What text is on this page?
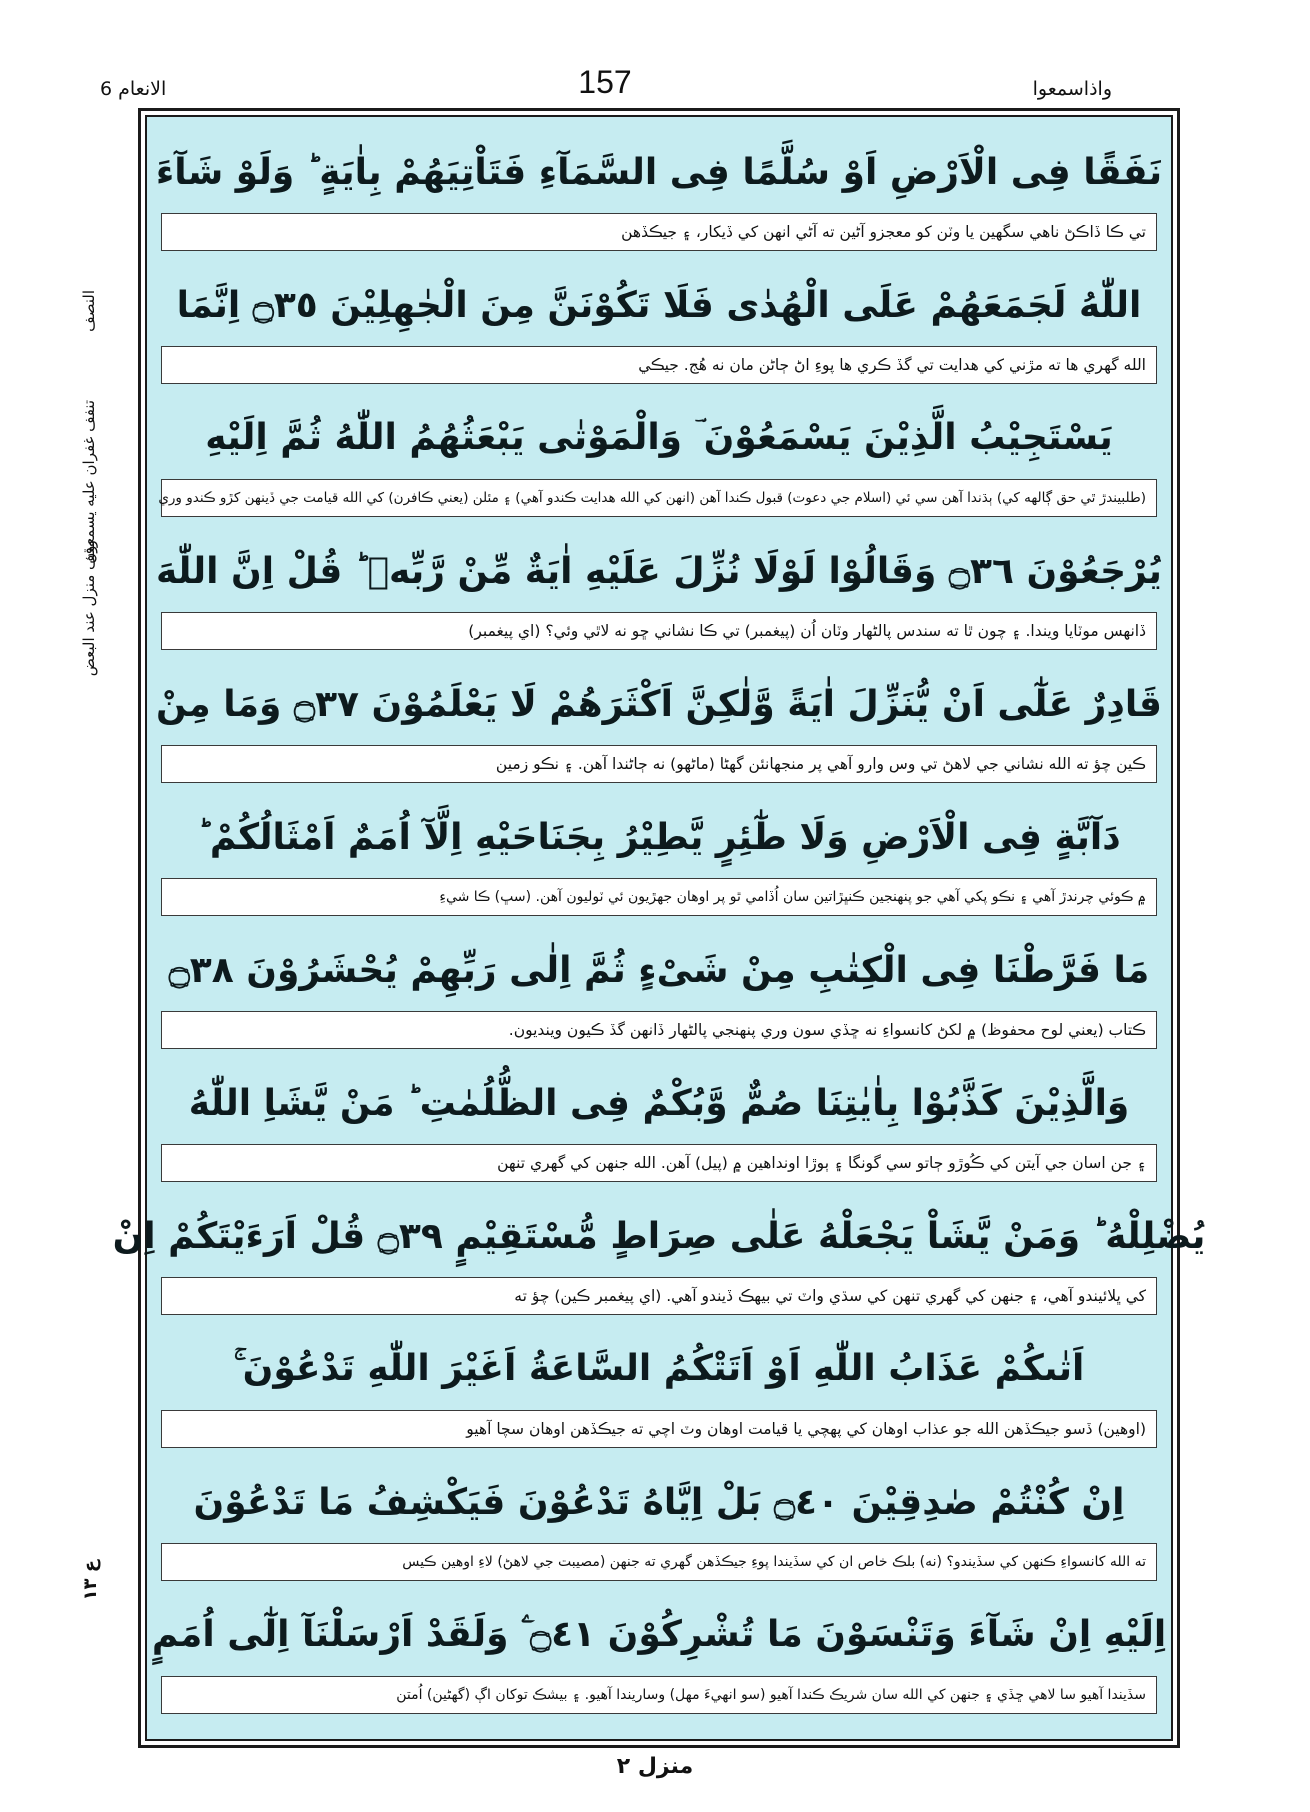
الانعام 6	157	واذاسمعوا
النصف
تنفف غفران عليه يسمعون
وقف منزل عند البعض
ع ١٣
نَفَقًا فِى الْاَرْضِ اَوْ سُلَّمًا فِى السَّمَآءِ فَتَاْتِيَهُمْ بِاٰيَةٍ ؕ وَلَوْ شَآءَ
تي ڪا ڏاڪڻ ناهي سگهين يا وٽن کو معجزو آڻين ته آڻي انهن کي ڏيکار، ۽ جيڪڏهن
اللّٰهُ لَجَمَعَهُمْ عَلَى الْهُدٰى فَلَا تَكُوْنَنَّ مِنَ الْجٰهِلِيْنَ ۝٣٥ اِنَّمَا
الله گهري ها ته مڙني کي هدايت تي گڏ ڪري ها پوءِ اڻ ڄاڻن مان نه هُج. جيڪي
يَسْتَجِيْبُ الَّذِيْنَ يَسْمَعُوْنَ ؔ وَالْمَوْتٰى يَبْعَثُهُمُ اللّٰهُ ثُمَّ اِلَيْهِ
(طلبيندڙ ٿي حق ڳالهه کي) ٻڌندا آهن سي ئي (اسلام جي دعوت) قبول ڪندا آهن (انهن کي الله هدايت ڪندو آهي) ۽ مئلن (يعني ڪافرن) کي الله قيامت جي ڏينهن کڙو ڪندو وري
يُرْجَعُوْنَ ۝٣٦ وَقَالُوْا لَوْلَا نُزِّلَ عَلَيْهِ اٰيَةٌ مِّنْ رَّبِّهٖ ؕ قُلْ اِنَّ اللّٰهَ
ڏانهس موٽايا ويندا. ۽ چون ٿا ته سندس پالڻهار وٽان اُن (پيغمبر) تي ڪا نشاني ڇو نه لاٿي وئي؟ (اي پيغمبر)
قَادِرٌ عَلٰٓى اَنْ يُّنَزِّلَ اٰيَةً وَّلٰكِنَّ اَكْثَرَهُمْ لَا يَعْلَمُوْنَ ۝٣٧ وَمَا مِنْ
ڪين چؤ ته الله نشاني جي لاهڻ تي وس وارو آهي پر منجهانئن گهڻا (ماڻهو) نه ڄاڻندا آهن. ۽ نڪو زمين
دَآبَّةٍ فِى الْاَرْضِ وَلَا طٰٓئِرٍ يَّطِيْرُ بِجَنَاحَيْهِ اِلَّآ اُمَمٌ اَمْثَالُكُمْ ؕ
۾ ڪوئي چرندڙ آهي ۽ نڪو پکي آهي جو پنهنجين ڪنڀڙاتين سان اُڏامي ٿو پر اوهان جهڙيون ئي ٽوليون آهن. (سڀ) ڪا شيءِ
مَا فَرَّطْنَا فِى الْكِتٰبِ مِنْ شَىْءٍ ثُمَّ اِلٰى رَبِّهِمْ يُحْشَرُوْنَ ۝٣٨
ڪتاب (يعني لوح محفوظ) ۾ لکڻ کانسواءِ نه ڇڏي سون وري پنهنجي پالڻهار ڏانهن گڏ ڪيون وينديون.
وَالَّذِيْنَ كَذَّبُوْا بِاٰيٰتِنَا صُمٌّ وَّبُكْمٌ فِى الظُّلُمٰتِ ؕ مَنْ يَّشَاِ اللّٰهُ
۽ جن اسان جي آيتن کي ڪُوڙو ڄاتو سي گونگا ۽ ٻوڙا اونداهين ۾ (پيل) آهن. الله جنهن کي گهري تنهن
يُضْلِلْهُ ؕ وَمَنْ يَّشَاْ يَجْعَلْهُ عَلٰى صِرَاطٍ مُّسْتَقِيْمٍ ۝٣٩ قُلْ اَرَءَيْتَكُمْ اِنْ
کي ڀلائيندو آهي، ۽ جنهن کي گهري تنهن کي سڌي واٽ تي بيهڪ ڏيندو آهي. (اي پيغمبر ڪين) چؤ ته
اَتٰىكُمْ عَذَابُ اللّٰهِ اَوْ اَتَتْكُمُ السَّاعَةُ اَغَيْرَ اللّٰهِ تَدْعُوْنَ ۚ
(اوهين) ڏسو جيڪڏهن الله جو عذاب اوهان کي پهچي يا قيامت اوهان وٽ اچي ته جيڪڏهن اوهان سچا آهيو
اِنْ كُنْتُمْ صٰدِقِيْنَ ۝٤٠ بَلْ اِيَّاهُ تَدْعُوْنَ فَيَكْشِفُ مَا تَدْعُوْنَ
ته الله کانسواءِ ڪنهن کي سڏيندو؟ (نه) بلڪ خاص ان کي سڏيندا پوءِ جيڪڏهن گهري ته جنهن (مصيبت جي لاهڻ) لاءِ اوهين ڪيس
اِلَيْهِ اِنْ شَآءَ وَتَنْسَوْنَ مَا تُشْرِكُوْنَ ۝٤١ ۧ وَلَقَدْ اَرْسَلْنَآ اِلٰٓى اُمَمٍ
سڏيندا آهيو سا لاهي ڇڏي ۽ جنهن کي الله سان شريڪ ڪندا آهيو (سو انهيءَ مهل) وساريندا آهيو. ۽ بيشڪ توکان اڳ (گهڻين) اُمتن
منزل ٢
